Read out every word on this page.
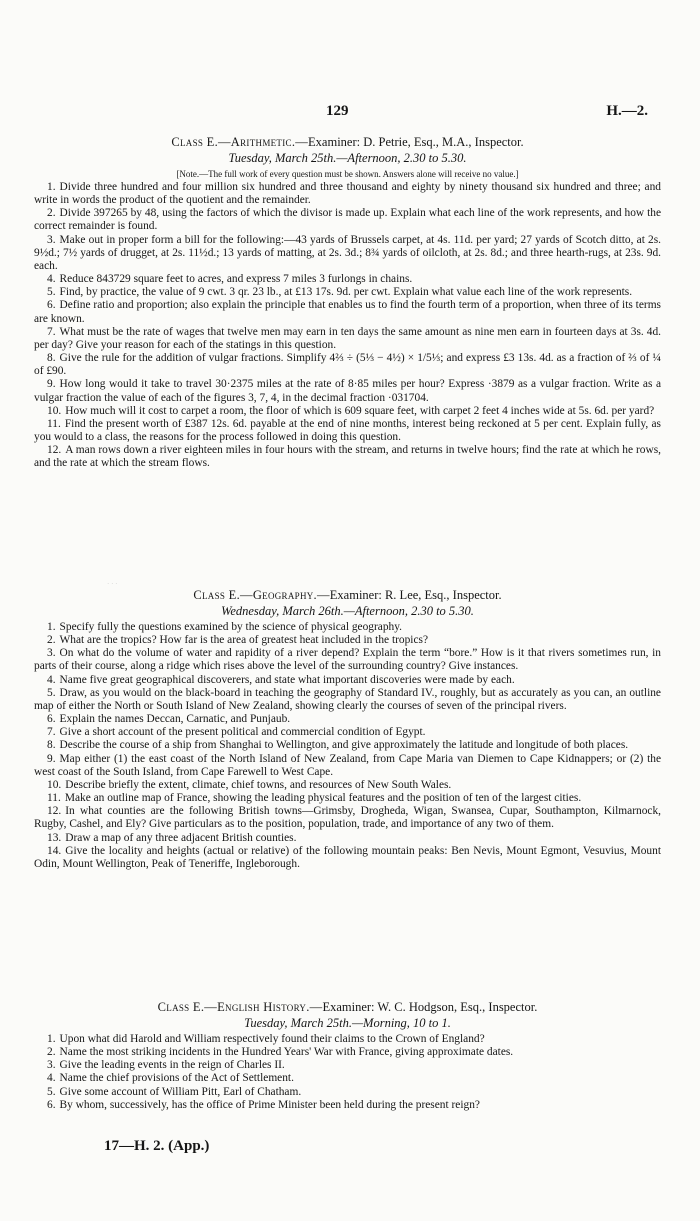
129	H.—2.

Class E.—Arithmetic.—Examiner: D. Petrie, Esq., M.A., Inspector.

Tuesday, March 25th.—Afternoon, 2.30 to 5.30.

[Note.—The full work of every question must be shown. Answers alone will receive no value.]

1. Divide three hundred and four million six hundred and three thousand and eighty by ninety thousand six hundred and three; and write in words the product of the quotient and the remainder.

2. Divide 397265 by 48, using the factors of which the divisor is made up. Explain what each line of the work represents, and how the correct remainder is found.

3. Make out in proper form a bill for the following:—43 yards of Brussels carpet, at 4s. 11d. per yard; 27 yards of Scotch ditto, at 2s. 9½d.; 7½ yards of drugget, at 2s. 11½d.; 13 yards of matting, at 2s. 3d.; 8¾ yards of oilcloth, at 2s. 8d.; and three hearth-rugs, at 23s. 9d. each.

4. Reduce 843729 square feet to acres, and express 7 miles 3 furlongs in chains.

5. Find, by practice, the value of 9 cwt. 3 qr. 23 lb., at £13 17s. 9d. per cwt. Explain what value each line of the work represents.

6. Define ratio and proportion; also explain the principle that enables us to find the fourth term of a proportion, when three of its terms are known.

7. What must be the rate of wages that twelve men may earn in ten days the same amount as nine men earn in fourteen days at 3s. 4d. per day? Give your reason for each of the statings in this question.

8. Give the rule for the addition of vulgar fractions. Simplify 4⅔ ÷ (5⅓ − 4½) × 1/5⅓; and express £3 13s. 4d. as a fraction of ⅔ of ¼ of £90.

9. How long would it take to travel 30·2375 miles at the rate of 8·85 miles per hour? Express ·3879 as a vulgar fraction. Write as a vulgar fraction the value of each of the figures 3, 7, 4, in the decimal fraction ·031704.

10. How much will it cost to carpet a room, the floor of which is 609 square feet, with carpet 2 feet 4 inches wide at 5s. 6d. per yard?

11. Find the present worth of £387 12s. 6d. payable at the end of nine months, interest being reckoned at 5 per cent. Explain fully, as you would to a class, the reasons for the process followed in doing this question.

12. A man rows down a river eighteen miles in four hours with the stream, and returns in twelve hours; find the rate at which he rows, and the rate at which the stream flows.

Class E.—Geography.—Examiner: R. Lee, Esq., Inspector.

Wednesday, March 26th.—Afternoon, 2.30 to 5.30.

1. Specify fully the questions examined by the science of physical geography.

2. What are the tropics? How far is the area of greatest heat included in the tropics?

3. On what do the volume of water and rapidity of a river depend? Explain the term “bore.” How is it that rivers sometimes run, in parts of their course, along a ridge which rises above the level of the surrounding country? Give instances.

4. Name five great geographical discoverers, and state what important discoveries were made by each.

5. Draw, as you would on the black-board in teaching the geography of Standard IV., roughly, but as accurately as you can, an outline map of either the North or South Island of New Zealand, showing clearly the courses of seven of the principal rivers.

6. Explain the names Deccan, Carnatic, and Punjaub.

7. Give a short account of the present political and commercial condition of Egypt.

8. Describe the course of a ship from Shanghai to Wellington, and give approximately the latitude and longitude of both places.

9. Map either (1) the east coast of the North Island of New Zealand, from Cape Maria van Diemen to Cape Kidnappers; or (2) the west coast of the South Island, from Cape Farewell to West Cape.

10. Describe briefly the extent, climate, chief towns, and resources of New South Wales.

11. Make an outline map of France, showing the leading physical features and the position of ten of the largest cities.

12. In what counties are the following British towns—Grimsby, Drogheda, Wigan, Swansea, Cupar, Southampton, Kilmarnock, Rugby, Cashel, and Ely? Give particulars as to the position, population, trade, and importance of any two of them.

13. Draw a map of any three adjacent British counties.

14. Give the locality and heights (actual or relative) of the following mountain peaks: Ben Nevis, Mount Egmont, Vesuvius, Mount Odin, Mount Wellington, Peak of Teneriffe, Ingleborough.

Class E.—English History.—Examiner: W. C. Hodgson, Esq., Inspector.

Tuesday, March 25th.—Morning, 10 to 1.

1. Upon what did Harold and William respectively found their claims to the Crown of England?

2. Name the most striking incidents in the Hundred Years' War with France, giving approximate dates.

3. Give the leading events in the reign of Charles II.

4. Name the chief provisions of the Act of Settlement.

5. Give some account of William Pitt, Earl of Chatham.

6. By whom, successively, has the office of Prime Minister been held during the present reign?

· · ·
17—H. 2. (App.)
